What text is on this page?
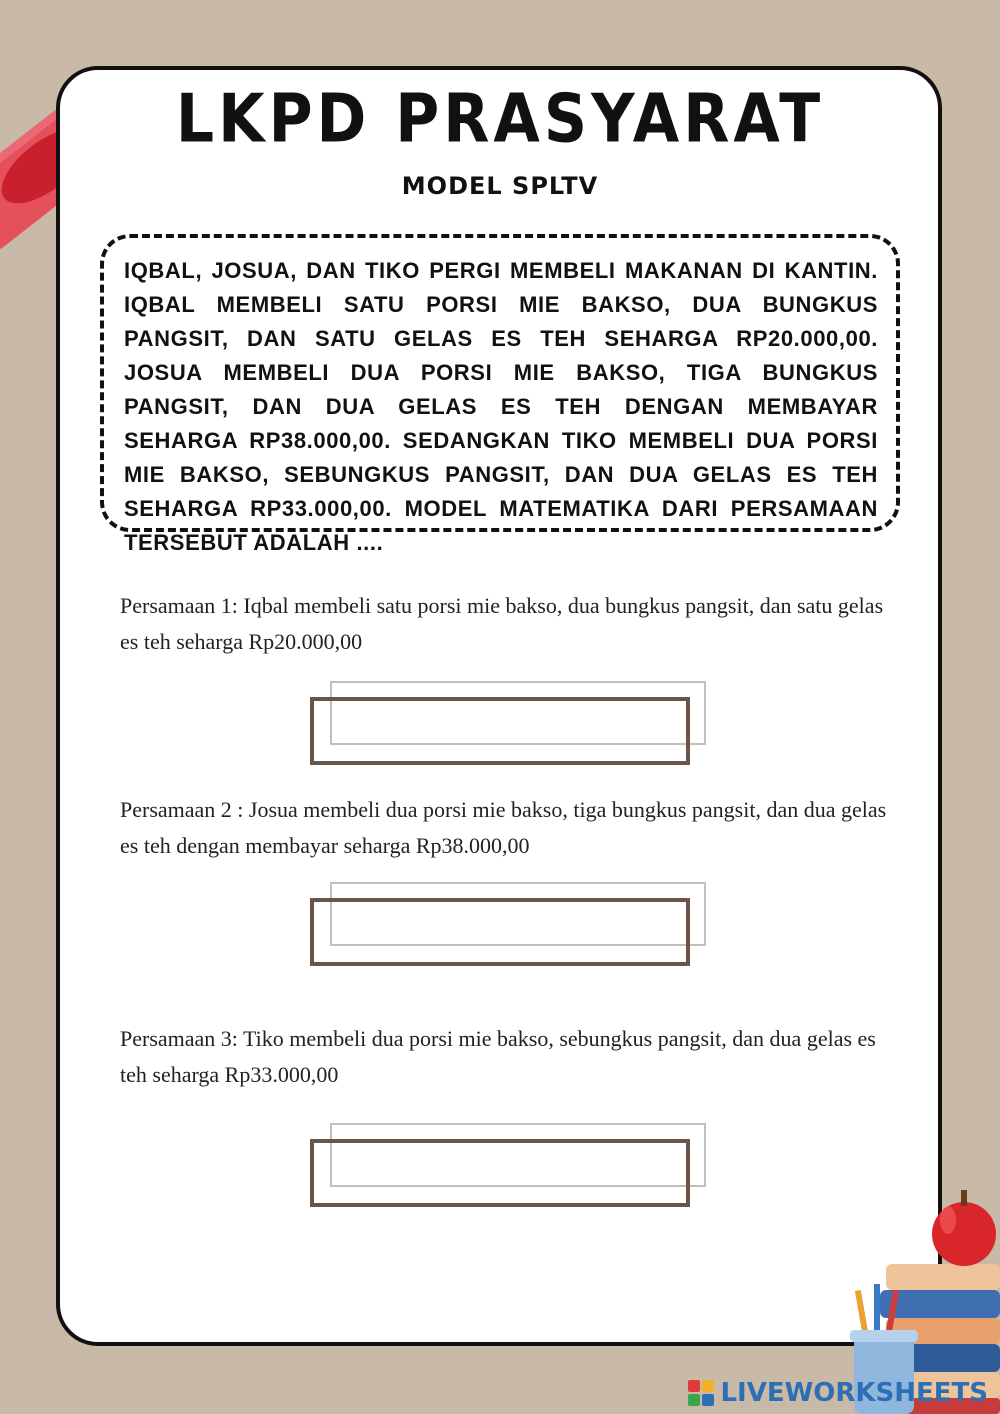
LKPD PRASYARAT
MODEL SPLTV

IQBAL, JOSUA, DAN TIKO PERGI MEMBELI MAKANAN DI KANTIN. IQBAL MEMBELI SATU PORSI MIE BAKSO, DUA BUNGKUS PANGSIT, DAN SATU GELAS ES TEH SEHARGA RP20.000,00. JOSUA MEMBELI DUA PORSI MIE BAKSO, TIGA BUNGKUS PANGSIT, DAN DUA GELAS ES TEH DENGAN MEMBAYAR SEHARGA RP38.000,00. SEDANGKAN TIKO MEMBELI DUA PORSI MIE BAKSO, SEBUNGKUS PANGSIT, DAN DUA GELAS ES TEH SEHARGA RP33.000,00. MODEL MATEMATIKA DARI PERSAMAAN TERSEBUT ADALAH ....

Persamaan 1: Iqbal membeli satu porsi mie bakso, dua bungkus pangsit, dan satu gelas es teh seharga Rp20.000,00
Persamaan 2 : Josua membeli dua porsi mie bakso, tiga bungkus pangsit, dan dua gelas es teh dengan membayar seharga Rp38.000,00
Persamaan 3: Tiko membeli dua porsi mie bakso, sebungkus pangsit, dan dua gelas es teh seharga Rp33.000,00
LIVEWORKSHEETS
